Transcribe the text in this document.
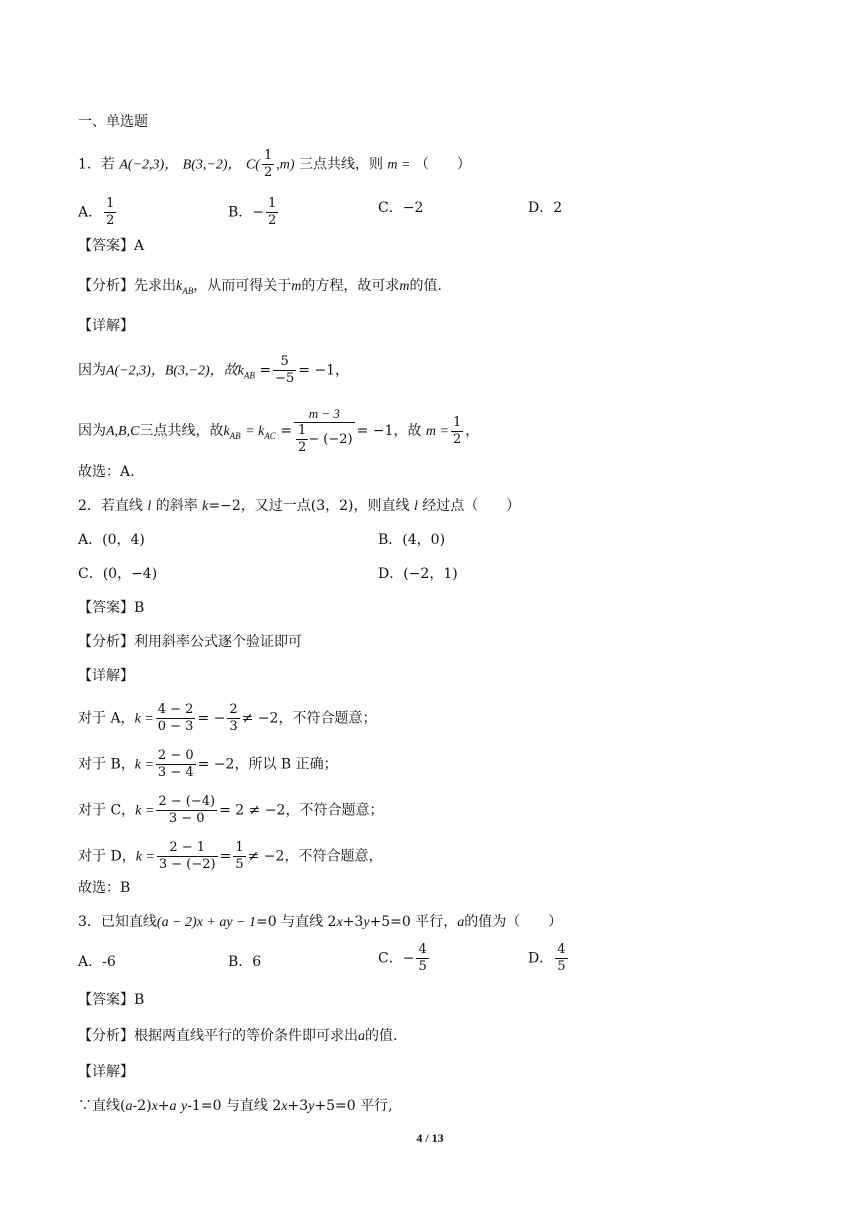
一、单选题
1．若 A(−2,3)， B(3,−2)， $C( \frac{1}{2} ,m)$ 三点共线，则 m = （　　）
A． $\frac{1}{2}$	B．− $\frac{1}{2}$	C．−2	D．2
【答案】A
【分析】先求出$k_{AB}$，从而可得关于m的方程，故可求m的值.
【详解】
因为A(−2,3)，B(3,−2)，故$k_{AB} = \frac{5}{-5} = -1$，
因为A,B,C三点共线，故$k_{AB} = k_{AC} = \frac{m - 3}{\frac{1}{2} - (-2)} = -1$，故 $m = \frac{1}{2}$ ，
故选：A.
2．若直线 l 的斜率 k=−2，又过一点(3，2)，则直线 l 经过点（　　）
A．(0，4)	B．(4，0)
C．(0，−4)	D．(−2，1)
【答案】B
【分析】利用斜率公式逐个验证即可
【详解】
对于 A，$k = \frac{4 - 2}{0 - 3}$ = − $\frac{2}{3} \ne -2$，不符合题意；
对于 B，$k = \frac{2 - 0}{3 - 4} = -2$，所以 B 正确；
对于 C，$k = \frac{2 - (-4)}{3 - 0} = 2 \ne -2$，不符合题意；
对于 D，$k = \frac{2 - 1}{3 - (-2)} = \frac{1}{5} \ne -2$，不符合题意，
故选：B
3．已知直线(a − 2)x + ay − 1=0 与直线 2x+3y+5=0 平行，a的值为（　　）
A．-6	B．6	C．− $\frac{4}{5}$	D． $\frac{4}{5}$
【答案】B
【分析】根据两直线平行的等价条件即可求出a的值.
【详解】
∵直线(a-2)x+a y-1=0 与直线 2x+3y+5=0 平行,
4 / 13
